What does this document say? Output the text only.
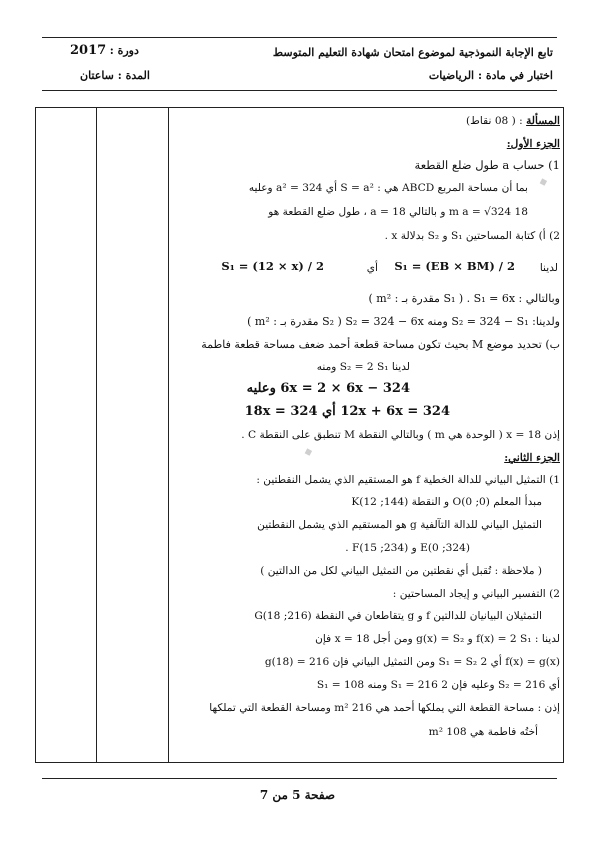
تابع الإجابة النموذجية لموضوع امتحان شهادة التعليم المتوسط
اختبار في مادة : الرياضيات
دورة : 2017
المدة : ساعتان
▪
▪
المسألة : ( 08 نقاط)
الجزء الأول:
1) حساب a طول ضلع القطعة
بما أن مساحة المربع ABCD هي : S = a² أي a² = 324 وعليه
18 m a = √324 و بالتالي a = 18 ، طول ضلع القطعة هو
2) أ) كتابة المساحتين S₁ و S₂ بدلالة x .
لدينا
S₁ = (EB × BM) / 2
أي
S₁ = (12 × x) / 2
وبالتالي : S₁ = 6x . ( S₁ مقدرة بـ : m² )
ولدينا: S₂ = 324 − S₁ ومنه S₂ = 324 − 6x ( S₂ مقدرة بـ : m² )
ب) تحديد موضع M بحيث تكون مساحة قطعة أحمد ضعف مساحة قطعة فاطمة
لدينا S₂ = 2 S₁ ومنه
324 − 6x = 2 × 6x وعليه
12x + 6x = 324 أي 18x = 324
إذن x = 18 ( الوحدة هي m ) وبالتالي النقطة M تنطبق على النقطة C .
الجزء الثاني:
1) التمثيل البياني للدالة الخطية f هو المستقيم الذي يشمل النقطتين :
مبدأ المعلم O(0 ;0) و النقطة K(12 ;144)
التمثيل البياني للدالة التآلفية g هو المستقيم الذي يشمل النقطتين
E(0 ;324) و F(15 ;234) .
( ملاحظة : تُقبل أي نقطتين من التمثيل البياني لكل من الدالتين )
2) التفسير البياني و إيجاد المساحتين :
التمثيلان البيانيان للدالتين f و g يتقاطعان في النقطة G(18 ;216)
لدينا : f(x) = 2 S₁ و g(x) = S₂ ومن أجل x = 18 فإن
f(x) = g(x) أي 2 S₁ = S₂ ومن التمثيل البياني فإن g(18) = 216
أي S₂ = 216 وعليه فإن 2 S₁ = 216 ومنه S₁ = 108
إذن : مساحة القطعة التي يملكها أحمد هي 216 m² ومساحة القطعة التي تملكها
أختُه فاطمة هي 108 m²
صفحة 5 من 7
